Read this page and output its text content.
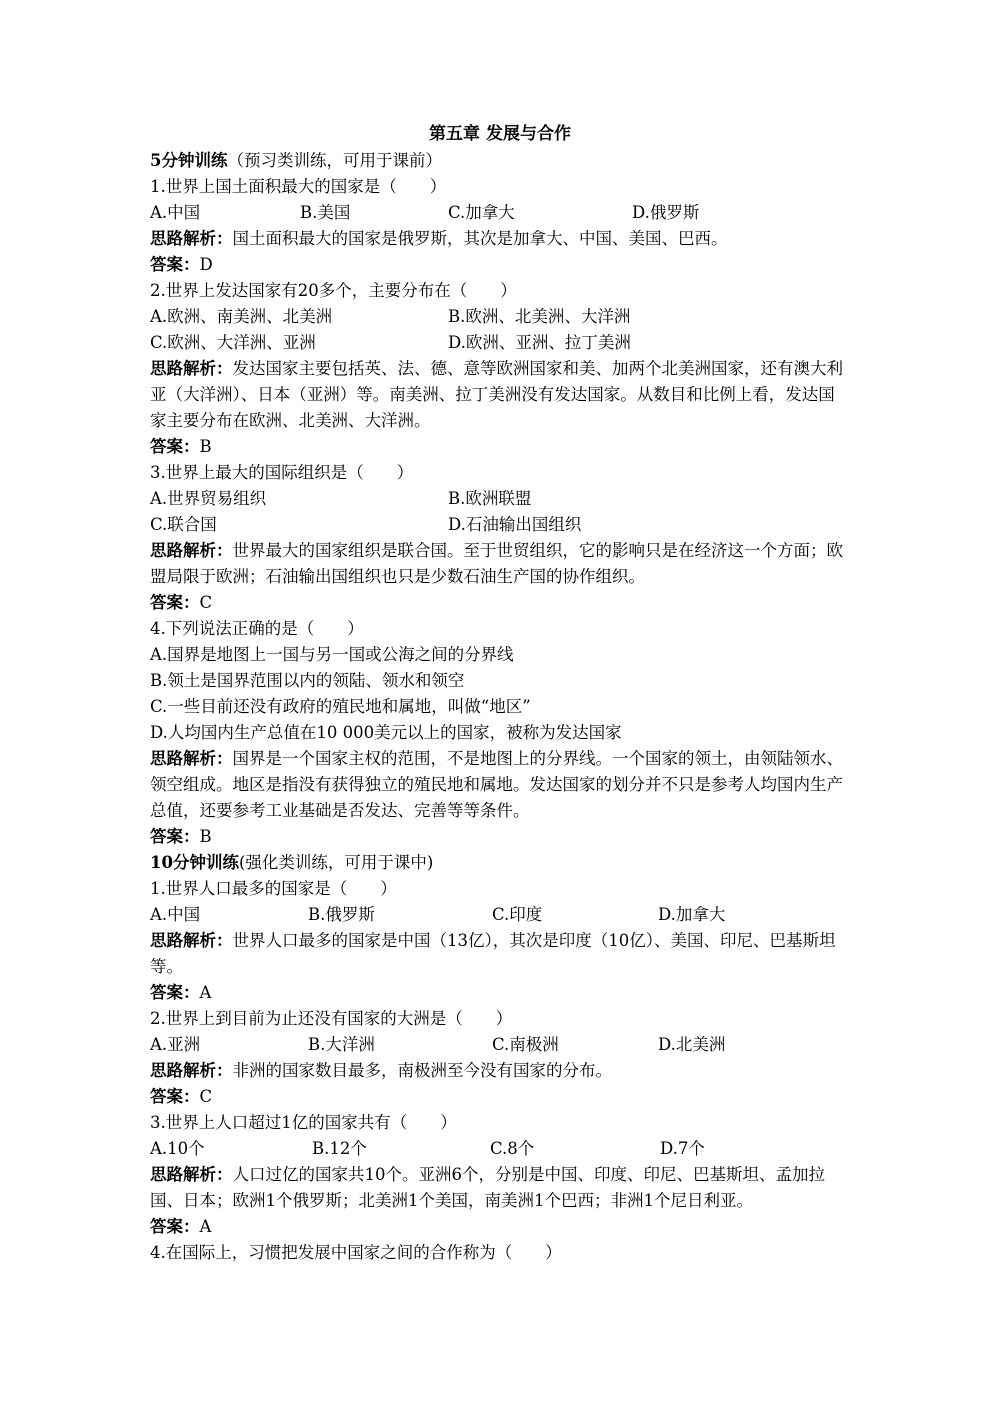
第五章 发展与合作
5分钟训练（预习类训练，可用于课前）
1.世界上国土面积最大的国家是（　　）
A.中国	B.美国	C.加拿大	D.俄罗斯
思路解析：国土面积最大的国家是俄罗斯，其次是加拿大、中国、美国、巴西。
答案：D
2.世界上发达国家有20多个，主要分布在（　　）
A.欧洲、南美洲、北美洲	B.欧洲、北美洲、大洋洲
C.欧洲、大洋洲、亚洲	D.欧洲、亚洲、拉丁美洲
思路解析：发达国家主要包括英、法、德、意等欧洲国家和美、加两个北美洲国家，还有澳大利亚（大洋洲）、日本（亚洲）等。南美洲、拉丁美洲没有发达国家。从数目和比例上看，发达国家主要分布在欧洲、北美洲、大洋洲。
答案：B
3.世界上最大的国际组织是（　　）
A.世界贸易组织	B.欧洲联盟
C.联合国	D.石油输出国组织
思路解析：世界最大的国家组织是联合国。至于世贸组织，它的影响只是在经济这一个方面；欧盟局限于欧洲；石油输出国组织也只是少数石油生产国的协作组织。
答案：C
4.下列说法正确的是（　　）
A.国界是地图上一国与另一国或公海之间的分界线
B.领土是国界范围以内的领陆、领水和领空
C.一些目前还没有政府的殖民地和属地，叫做“地区”
D.人均国内生产总值在10 000美元以上的国家，被称为发达国家
思路解析：国界是一个国家主权的范围，不是地图上的分界线。一个国家的领土，由领陆领水、领空组成。地区是指没有获得独立的殖民地和属地。发达国家的划分并不只是参考人均国内生产总值，还要参考工业基础是否发达、完善等等条件。
答案：B
10分钟训练(强化类训练，可用于课中)
1.世界人口最多的国家是（　　）
A.中国	B.俄罗斯	C.印度	D.加拿大
思路解析：世界人口最多的国家是中国（13亿），其次是印度（10亿）、美国、印尼、巴基斯坦等。
答案：A
2.世界上到目前为止还没有国家的大洲是（　　）
A.亚洲	B.大洋洲	C.南极洲	D.北美洲
思路解析：非洲的国家数目最多，南极洲至今没有国家的分布。
答案：C
3.世界上人口超过1亿的国家共有（　　）
A.10个	B.12个	C.8个	D.7个
思路解析：人口过亿的国家共10个。亚洲6个，分别是中国、印度、印尼、巴基斯坦、孟加拉国、日本；欧洲1个俄罗斯；北美洲1个美国，南美洲1个巴西；非洲1个尼日利亚。
答案：A
4.在国际上，习惯把发展中国家之间的合作称为（　　）
